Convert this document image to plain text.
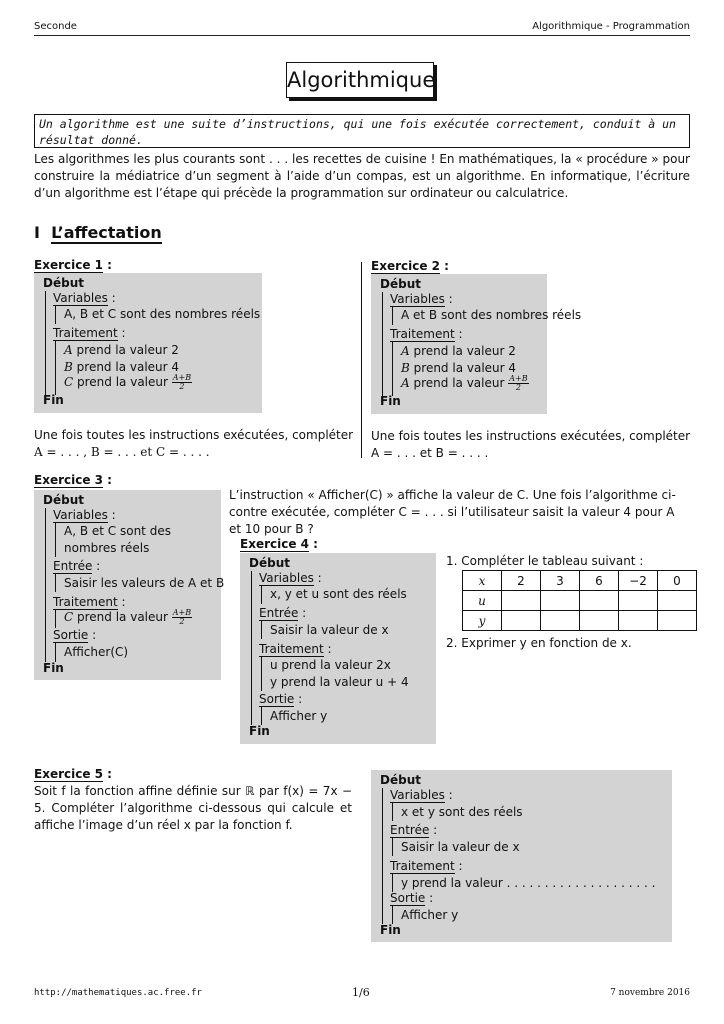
Seconde	Algorithmique - Programmation
Algorithmique
Un algorithme est une suite d’instructions, qui une fois exécutée correctement, conduit à un résultat donné.
Les algorithmes les plus courants sont . . . les recettes de cuisine ! En mathématiques, la « procédure » pour construire la médiatrice d’un segment à l’aide d’un compas, est un algorithme. En informatique, l’écriture d’un algorithme est l’étape qui précède la programmation sur ordinateur ou calculatrice.
I L’affectation
Exercice 1 :
Début
Variables :
A, B et C sont des nombres réels
Traitement :
A prend la valeur 2
B prend la valeur 4
C prend la valeur $\frac{A+B}{2}$
Fin
Une fois toutes les instructions exécutées, compléter
A = . . . , B = . . . et C = . . . .
Exercice 2 :
Début
Variables :
A et B sont des nombres réels
Traitement :
A prend la valeur 2
B prend la valeur 4
A prend la valeur $\frac{A+B}{2}$
Fin
Une fois toutes les instructions exécutées, compléter
A = . . . et B = . . . .
Exercice 3 :
Début
Variables :
A, B et C sont des
nombres réels
Entrée :
Saisir les valeurs de A et B
Traitement :
C prend la valeur $\frac{A+B}{2}$
Sortie :
Afficher(C)
Fin
L’instruction « Afficher(C) » affiche la valeur de C. Une fois l’algorithme ci-contre exécutée, compléter C = . . . si l’utilisateur saisit la valeur 4 pour A et 10 pour B ?
Exercice 4 :
Début
Variables :
x, y et u sont des réels
Entrée :
Saisir la valeur de x
Traitement :
u prend la valeur 2x
y prend la valeur u + 4
Sortie :
Afficher y
Fin
1. Compléter le tableau suivant :
x	2	3	6	−2	0
u					
y					
2. Exprimer y en fonction de x.
Exercice 5 :
Soit f la fonction affine définie sur ℝ par f(x) = 7x − 5. Compléter l’algorithme ci-dessous qui calcule et affiche l’image d’un réel x par la fonction f.
Début
Variables :
x et y sont des réels
Entrée :
Saisir la valeur de x
Traitement :
y prend la valeur . . . . . . . . . . . . . . . . . . . .
Sortie :
Afficher y
Fin
http://mathematiques.ac.free.fr	1/6	7 novembre 2016
